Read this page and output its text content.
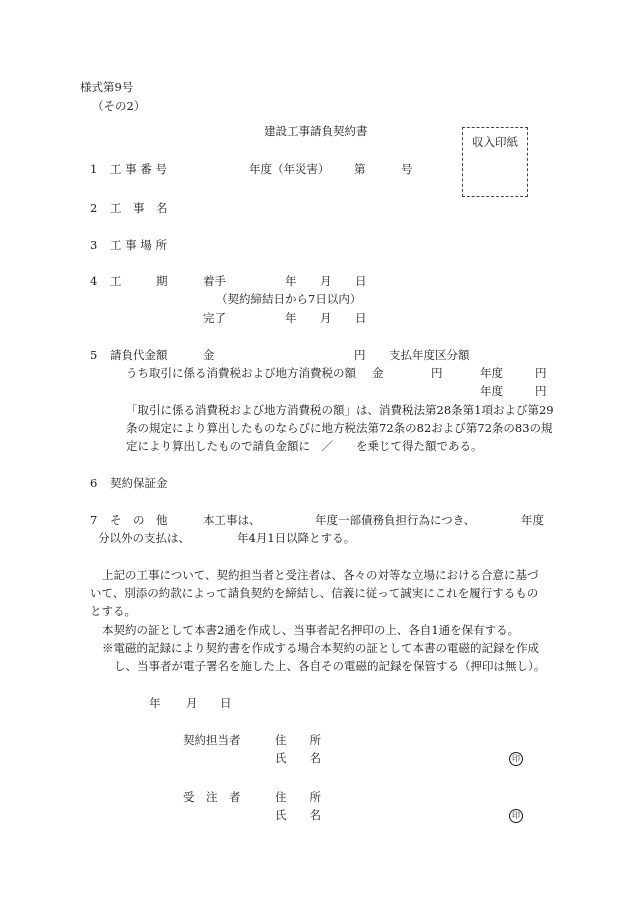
様式第9号
（その2）
建設工事請負契約書
収入印紙
1 工 事 番 号	年度（年災害） 第	号
2 工　事　名
3 工 事 場 所
4 工	期	着手	年 月 日
（契約締結日から7日以内）
完了	年 月 日
5 請負代金額	金	円 支払年度区分額
うち取引に係る消費税および地方消費税の額 金	円	年度	円
年度	円
「取引に係る消費税および地方消費税の額」は、消費税法第28条第1項および第29
条の規定により算出したものならびに地方税法第72条の82および第72条の83の規
定により算出したもので請負金額に　／　　を乗じて得た額である。
6 契約保証金
7 そ　の　他	本工事は、	年度一部債務負担行為につき、	年度
分以外の支払は、	年4月1日以降とする。
上記の工事について、契約担当者と受注者は、各々の対等な立場における合意に基づ
いて、別添の約款によって請負契約を締結し、信義に従って誠実にこれを履行するもの
とする。
本契約の証として本書2通を作成し、当事者記名押印の上、各自1通を保有する。
※電磁的記録により契約書を作成する場合本契約の証として本書の電磁的記録を作成
し、当事者が電子署名を施した上、各自その電磁的記録を保管する（押印は無し）。
年 月 日
契約担当者	住　　所
氏　　名	印
受　注　者	住　　所
氏　　名	印
